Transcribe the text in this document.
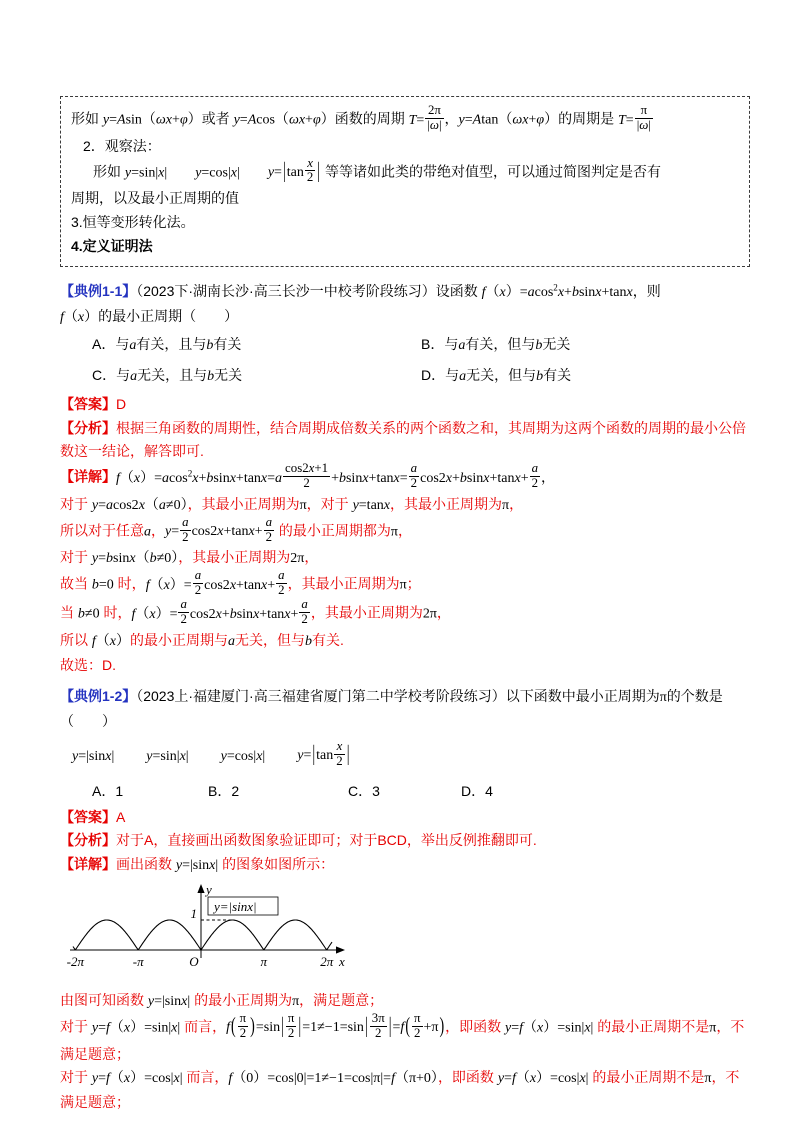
形如 y=Asin（ωx+φ）或者 y=Acos（ωx+φ）函数的周期 $T= \frac{2\pi}{|\omega|}$ ，y=Atan（ωx+φ）的周期是 $T= \frac{\pi}{|\omega|}$

2．观察法：

形如 y=sin|x|　　 y=cos|x|　　 $y=|\tan \frac{x}{2}$ | 等等诸如此类的带绝对值型，可以通过简图判定是否有

周期，以及最小正周期的值

3.恒等变形转化法。

4.定义证明法

【典例1-1】（2023下·湖南长沙·高三长沙一中校考阶段练习）设函数 f（x）=acos$^2$x+bsinx+tanx，则
f（x）的最小正周期（  ）

A．与a有关，且与b有关	B．与a有关，但与b无关
C．与a无关，且与b无关	D．与a无关，但与b有关

【答案】D

【分析】根据三角函数的周期性，结合周期成倍数关系的两个函数之和，其周期为这两个函数的周期的最小公倍数这一结论，解答即可.

【详解】$f(x)=acos^2x+bsinx+\tan x=a \frac{\cos 2x+1}{2} +bsinx+\tan x= \frac{a}{2} \cos 2x+bsinx+\tan x+ \frac{a}{2}$ ，

对于 y=acos2x（a≠0），其最小正周期为π，对于 y=tanx，其最小正周期为π，

所以对于任意a，$y= \frac{a}{2} \cos 2x+\tan x+ \frac{a}{2}$ 的最小正周期都为π，

对于 y=bsinx（b≠0），其最小正周期为2π，

故当 b=0 时，$f(x)= \frac{a}{2} \cos 2x+\tan x+ \frac{a}{2}$ ，其最小正周期为π；

当 b≠0 时，$f(x)= \frac{a}{2} \cos 2x+bsinx+\tan x+ \frac{a}{2}$ ，其最小正周期为2π，

所以 f（x）的最小正周期与a无关，但与b有关.

故选：D.

【典例1-2】（2023上·福建厦门·高三福建省厦门第二中学校考阶段练习）以下函数中最小正周期为π的个数是（  ）

y=|sinx| y=sin|x| y=cos|x| $y=|\tan \frac{x}{2}$ |
A．1	B．2	C．3	D．4

【答案】A

【分析】对于A，直接画出函数图象验证即可；对于BCD，举出反例推翻即可.

【详解】画出函数 y=|sinx| 的图象如图所示：

y=|sinx|
1
x
y
-2π	-π	O	π	2π

由图可知函数 y=|sinx| 的最小正周期为π，满足题意；

对于 y=f（x）=sin|x| 而言，$f( \frac{\pi}{2} )=\sin| \frac{\pi}{2} |=1\ne-1=\sin| \frac{3\pi}{2} |=f( \frac{\pi}{2} +\pi)$，即函数 y=f（x）=sin|x| 的最小正周期不是π，不满足题意；

对于 y=f（x）=cos|x| 而言，f（0）=cos|0|=1≠−1=cos|π|=f（π+0），即函数 y=f（x）=cos|x| 的最小正周期不是π，不满足题意；
